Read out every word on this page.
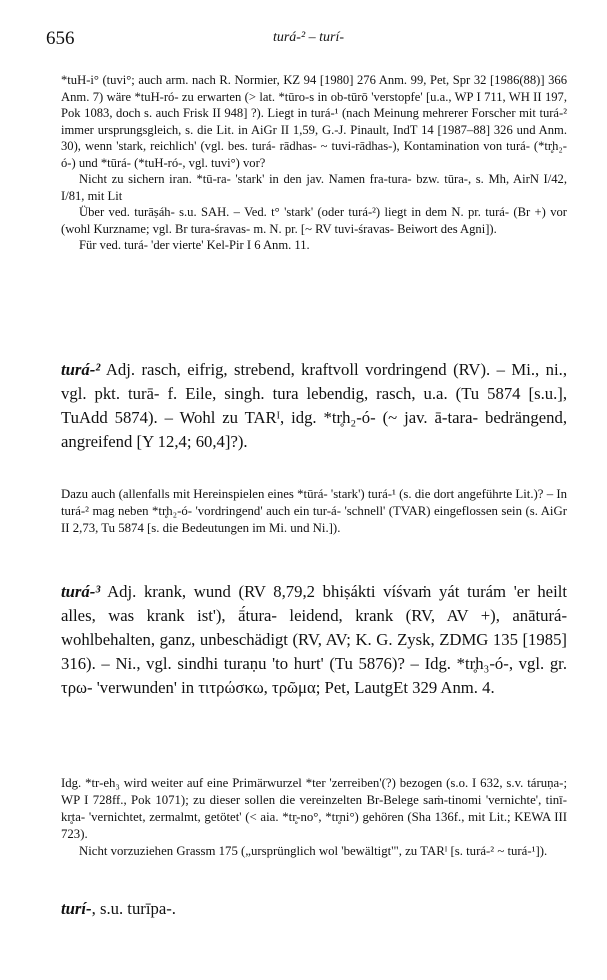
656	turá-² – turí-

*tuH-i° (tuvi°; auch arm. nach R. Normier, KZ 94 [1980] 276 Anm. 99, Pet, Spr 32 [1986(88)] 366 Anm. 7) wäre *tuH-ró- zu erwarten (> lat. *tūro-s in ob-tūrō 'verstopfe' [u.a., WP I 711, WH II 197, Pok 1083, doch s. auch Frisk II 948] ?). Liegt in turá-¹ (nach Meinung mehrerer Forscher mit turá-² immer ursprungsgleich, s. die Lit. in AiGr II 1,59, G.-J. Pinault, IndT 14 [1987–88] 326 und Anm. 30), wenn 'stark, reichlich' (vgl. bes. turá- rādhas- ~ tuvi-rādhas-), Kontamination von turá- (*tr̥h₂-ó-) und *tūrá- (*tuH-ró-, vgl. tuvi°) vor?

Nicht zu sichern iran. *tū-ra- 'stark' in den jav. Namen fra-tura- bzw. tūra-, s. Mh, AirN I/42, I/81, mit Lit

Über ved. turāṣáh- s.u. SAH. – Ved. t° 'stark' (oder turá-²) liegt in dem N. pr. turá- (Br +) vor (wohl Kurzname; vgl. Br tura-śravas- m. N. pr. [~ RV tuvi-śravas- Beiwort des Agni]).

Für ved. turá- 'der vierte' Kel-Pir I 6 Anm. 11.

turá-² Adj. rasch, eifrig, strebend, kraftvoll vordringend (RV). – Mi., ni., vgl. pkt. turā- f. Eile, singh. tura lebendig, rasch, u.a. (Tu 5874 [s.u.], TuAdd 5874). – Wohl zu TARᴵ, idg. *tr̥h₂-ó- (~ jav. ā-tara- bedrängend, angreifend [Y 12,4; 60,4]?).

Dazu auch (allenfalls mit Hereinspielen eines *tūrá- 'stark') turá-¹ (s. die dort angeführte Lit.)? – In turá-² mag neben *tr̥h₂-ó- 'vordringend' auch ein tur-á- 'schnell' (TVAR) eingeflossen sein (s. AiGr II 2,73, Tu 5874 [s. die Bedeutungen im Mi. und Ni.]).

turá-³ Adj. krank, wund (RV 8,79,2 bhiṣákti víśvaṁ yát turám 'er heilt alles, was krank ist'), ā́tura- leidend, krank (RV, AV +), anāturá- wohlbehalten, ganz, unbeschädigt (RV, AV; K. G. Zysk, ZDMG 135 [1985] 316). – Ni., vgl. sindhi turaṇu 'to hurt' (Tu 5876)? – Idg. *tr̥h₃-ó-, vgl. gr. τρω- 'verwunden' in τιτρώσκω, τρῶμα; Pet, LautgEt 329 Anm. 4.

Idg. *tr-eh₃ wird weiter auf eine Primärwurzel *ter 'zerreiben'(?) bezogen (s.o. I 632, s.v. táruṇa-; WP I 728ff., Pok 1071); zu dieser sollen die vereinzelten Br-Belege saṁ-tinomi 'vernichte', tinī-kr̥ta- 'vernichtet, zermalmt, getötet' (< aia. *tr̥-no°, *tr̥ni°) gehören (Sha 136f., mit Lit.; KEWA III 723).

Nicht vorzuziehen Grassm 175 („ursprünglich wol 'bewältigt'", zu TARᴵ [s. turá-² ~ turá-¹]).

turí-, s.u. turīpa-.
